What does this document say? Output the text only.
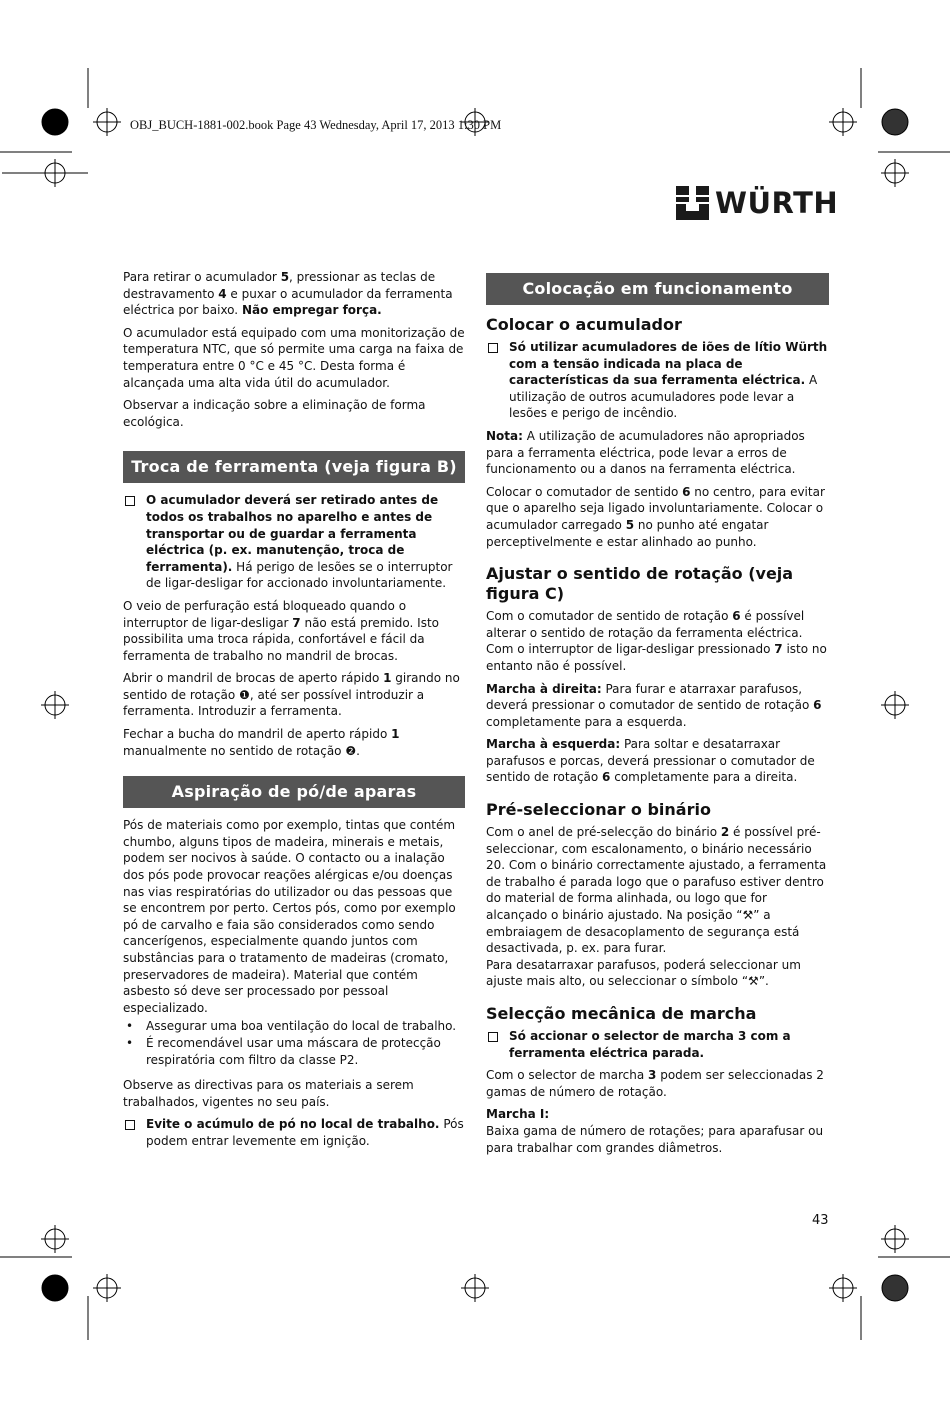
OBJ_BUCH-1881-002.book Page 43 Wednesday, April 17, 2013 1:30 PM
WÜRTH

Para retirar o acumulador 5, pressionar as teclas de destravamento 4 e puxar o acumulador da ferramenta eléctrica por baixo. Não empregar força.

O acumulador está equipado com uma monitorização de temperatura NTC, que só permite uma carga na faixa de temperatura entre 0 °C e 45 °C. Desta forma é alcançada uma alta vida útil do acumulador.

Observar a indicação sobre a eliminação de forma ecológica.

Troca de ferramenta (veja figura B)
O acumulador deverá ser retirado antes de todos os trabalhos no aparelho e antes de transportar ou de guardar a ferramenta eléctrica (p. ex. manutenção, troca de ferramenta). Há perigo de lesões se o interruptor de ligar-desligar for accionado involuntariamente.

O veio de perfuração está bloqueado quando o interruptor de ligar-desligar 7 não está premido. Isto possibilita uma troca rápida, confortável e fácil da ferramenta de trabalho no mandril de brocas.

Abrir o mandril de brocas de aperto rápido 1 girando no sentido de rotação ❶, até ser possível introduzir a ferramenta. Introduzir a ferramenta.

Fechar a bucha do mandril de aperto rápido 1 manualmente no sentido de rotação ❷.

Aspiração de pó/de aparas

Pós de materiais como por exemplo, tintas que contém chumbo, alguns tipos de madeira, minerais e metais, podem ser nocivos à saúde. O contacto ou a inalação dos pós pode provocar reações alérgicas e/ou doenças nas vias respiratórias do utilizador ou das pessoas que se encontrem por perto. Certos pós, como por exemplo pó de carvalho e faia são considerados como sendo cancerígenos, especialmente quando juntos com substâncias para o tratamento de madeiras (cromato, preservadores de madeira). Material que contém asbesto só deve ser processado por pessoal especializado.

•	Assegurar uma boa ventilação do local de trabalho.
•	É recomendável usar uma máscara de protecção respiratória com filtro da classe P2.

Observe as directivas para os materiais a serem trabalhados, vigentes no seu país.

Evite o acúmulo de pó no local de trabalho. Pós podem entrar levemente em ignição.
Colocação em funcionamento
Colocar o acumulador
Só utilizar acumuladores de iões de lítio Würth com a tensão indicada na placa de características da sua ferramenta eléctrica. A utilização de outros acumuladores pode levar a lesões e perigo de incêndio.

Nota: A utilização de acumuladores não apropriados para a ferramenta eléctrica, pode levar a erros de funcionamento ou a danos na ferramenta eléctrica.

Colocar o comutador de sentido 6 no centro, para evitar que o aparelho seja ligado involuntariamente. Colocar o acumulador carregado 5 no punho até engatar perceptivelmente e estar alinhado ao punho.

Ajustar o sentido de rotação (veja figura C)

Com o comutador de sentido de rotação 6 é possível alterar o sentido de rotação da ferramenta eléctrica. Com o interruptor de ligar-desligar pressionado 7 isto no entanto não é possível.

Marcha à direita: Para furar e atarraxar parafusos, deverá pressionar o comutador de sentido de rotação 6 completamente para a esquerda.

Marcha à esquerda: Para soltar e desatarraxar parafusos e porcas, deverá pressionar o comutador de sentido de rotação 6 completamente para a direita.

Pré-seleccionar o binário

Com o anel de pré-selecção do binário 2 é possível pré-seleccionar, com escalonamento, o binário necessário 20. Com o binário correctamente ajustado, a ferramenta de trabalho é parada logo que o parafuso estiver dentro do material de forma alinhada, ou logo que for alcançado o binário ajustado. Na posição “⚒” a embraiagem de desacoplamento de segurança está desactivada, p. ex. para furar.
Para desatarraxar parafusos, poderá seleccionar um ajuste mais alto, ou seleccionar o símbolo “⚒”.

Selecção mecânica de marcha
Só accionar o selector de marcha 3 com a ferramenta eléctrica parada.

Com o selector de marcha 3 podem ser seleccionadas 2 gamas de número de rotação.

Marcha I:
Baixa gama de número de rotações; para aparafusar ou para trabalhar com grandes diâmetros.

43
